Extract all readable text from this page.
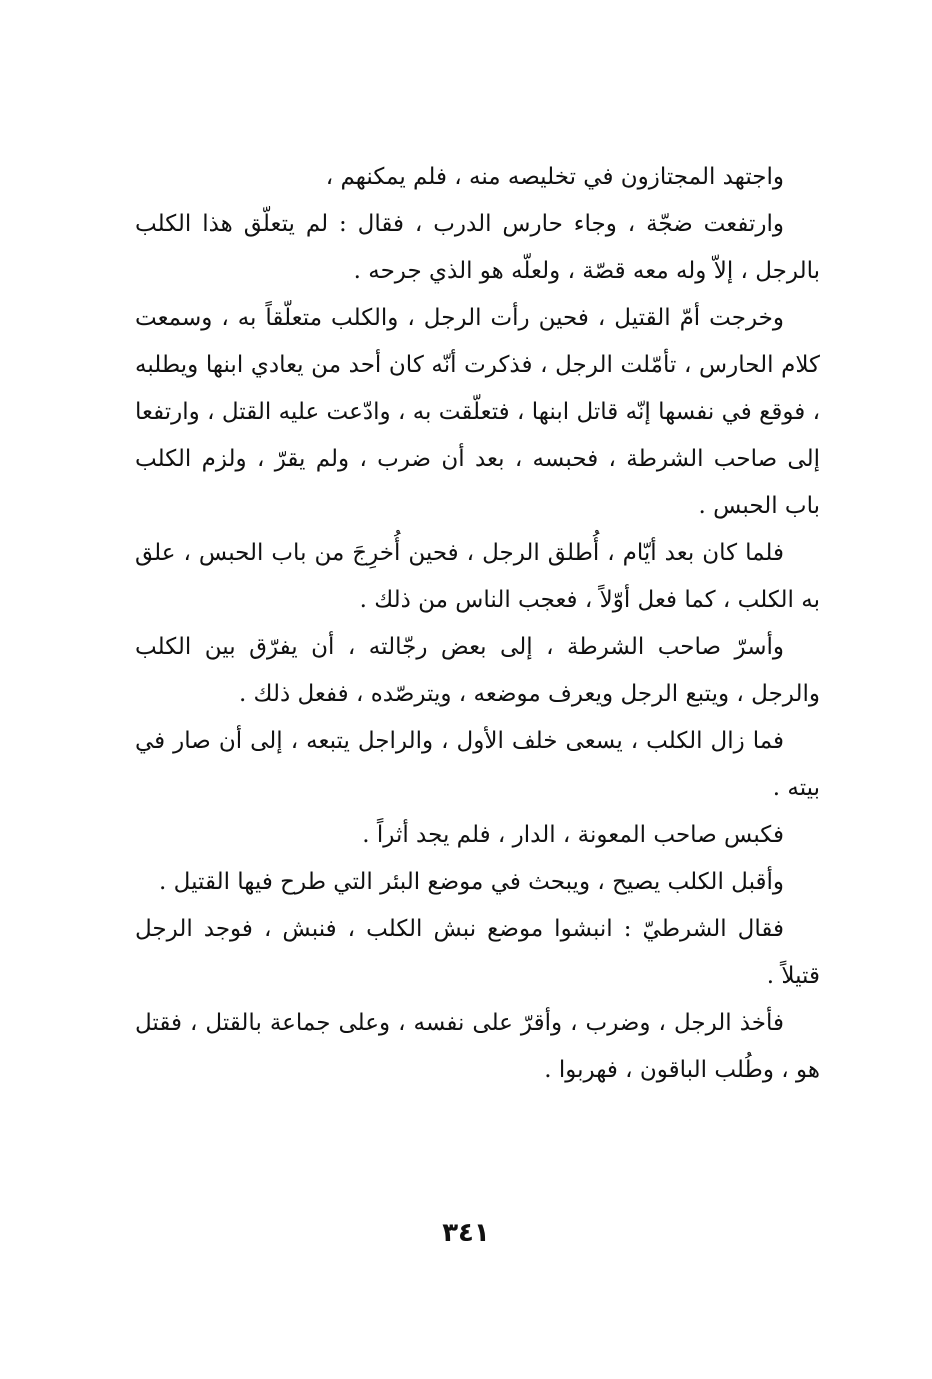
واجتهد المجتازون في تخليصه منه ، فلم يمكنهم ،

وارتفعت ضجّة ، وجاء حارس الدرب ، فقال : لم يتعلّق هذا الكلب بالرجل ، إلاّ وله معه قصّة ، ولعلّه هو الذي جرحه .

وخرجت أمّ القتيل ، فحين رأت الرجل ، والكلب متعلّقاً به ، وسمعت كلام الحارس ، تأمّلت الرجل ، فذكرت أنّه كان أحد من يعادي ابنها ويطلبه ، فوقع في نفسها إنّه قاتل ابنها ، فتعلّقت به ، وادّعت عليه القتل ، وارتفعا إلى صاحب الشرطة ، فحبسه ، بعد أن ضرب ، ولم يقرّ ، ولزم الكلب باب الحبس .

فلما كان بعد أيّام ، أُطلق الرجل ، فحين أُخرِجَ من باب الحبس ، علق به الكلب ، كما فعل أوّلاً ، فعجب الناس من ذلك .

وأسرّ صاحب الشرطة ، إلى بعض رجّالته ، أن يفرّق بين الكلب والرجل ، ويتبع الرجل ويعرف موضعه ، ويترصّده ، ففعل ذلك .

فما زال الكلب ، يسعى خلف الأول ، والراجل يتبعه ، إلى أن صار في بيته .

فكبس صاحب المعونة ، الدار ، فلم يجد أثراً .

وأقبل الكلب يصيح ، ويبحث في موضع البئر التي طرح فيها القتيل .

فقال الشرطيّ : انبشوا موضع نبش الكلب ، فنبش ، فوجد الرجل قتيلاً .

فأخذ الرجل ، وضرب ، وأقرّ على نفسه ، وعلى جماعة بالقتل ، فقتل هو ، وطُلب الباقون ، فهربوا .

٣٤١
